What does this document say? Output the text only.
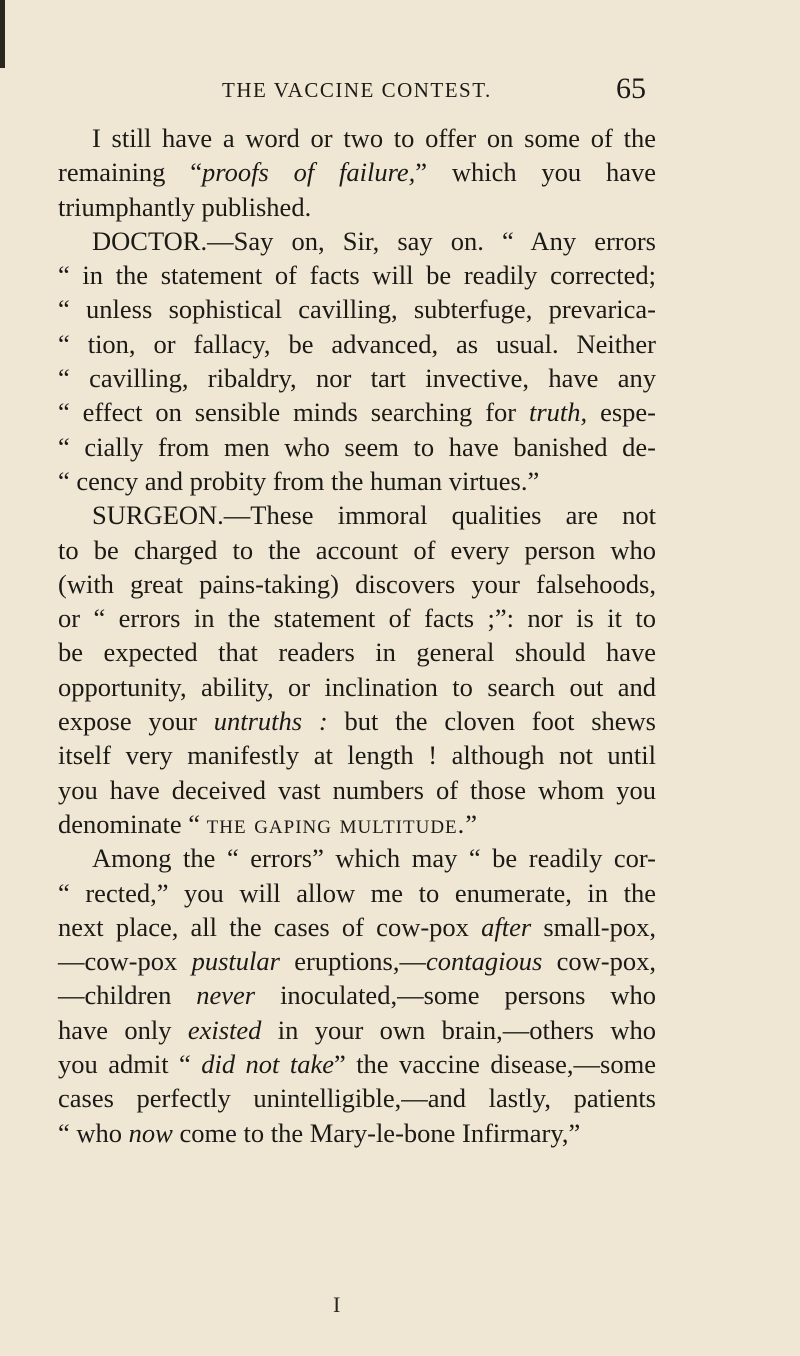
THE VACCINE CONTEST.	65
I still have a word or two to offer on some of the
remaining “proofs of failure,” which you have
triumphantly published.
DOCTOR.—Say on, Sir, say on. “ Any errors
“ in the statement of facts will be readily corrected;
“ unless sophistical cavilling, subterfuge, prevarica-
“ tion, or fallacy, be advanced, as usual. Neither
“ cavilling, ribaldry, nor tart invective, have any
“ effect on sensible minds searching for truth, espe-
“ cially from men who seem to have banished de-
“ cency and probity from the human virtues.”
SURGEON.—These immoral qualities are not
to be charged to the account of every person who
(with great pains-taking) discovers your falsehoods,
or “ errors in the statement of facts ;”: nor is it to
be expected that readers in general should have
opportunity, ability, or inclination to search out and
expose your untruths : but the cloven foot shews
itself very manifestly at length ! although not until
you have deceived vast numbers of those whom you
denominate “ the gaping multitude.”
Among the “ errors” which may “ be readily cor-
“ rected,” you will allow me to enumerate, in the
next place, all the cases of cow-pox after small-pox,
—cow-pox pustular eruptions,—contagious cow-pox,
—children never inoculated,—some persons who
have only existed in your own brain,—others who
you admit “ did not take” the vaccine disease,—some
cases perfectly unintelligible,—and lastly, patients
“ who now come to the Mary-le-bone Infirmary,”
I
